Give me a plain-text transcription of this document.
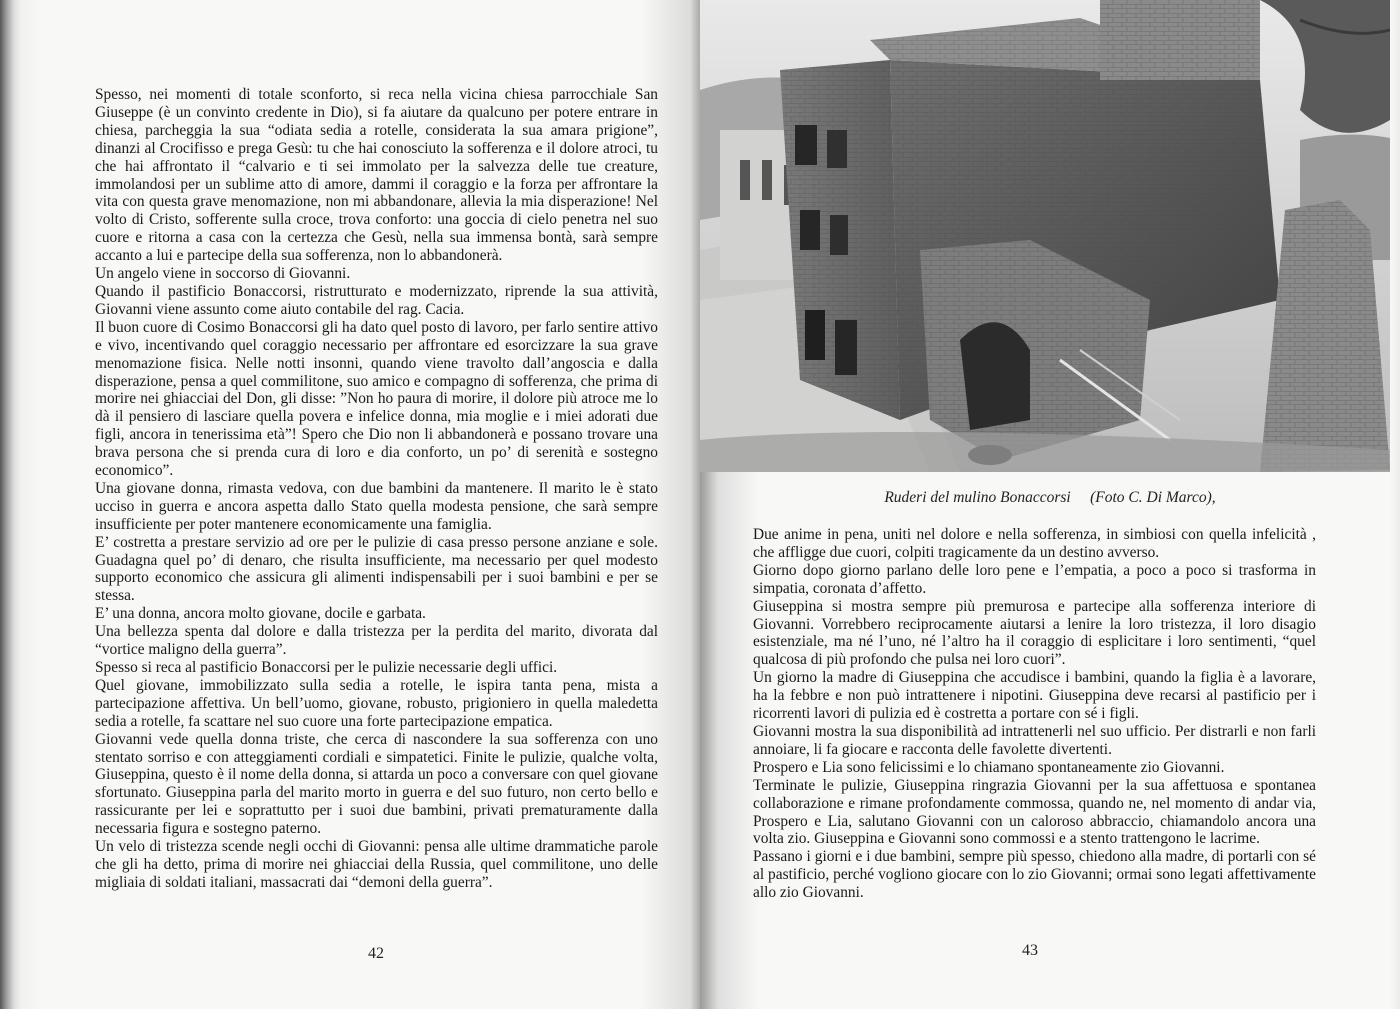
Spesso, nei momenti di totale sconforto, si reca nella vicina chiesa parrocchiale San Giuseppe (è un convinto credente in Dio), si fa aiutare da qualcuno per potere entrare in chiesa, parcheggia la sua “odiata sedia a rotelle, considerata la sua amara prigione”, dinanzi al Crocifisso e prega Gesù: tu che hai conosciuto la sofferenza e il dolore atroci, tu che hai affrontato il “calvario e ti sei immolato per la salvezza delle tue creature, immolandosi per un sublime atto di amore, dammi il coraggio e la forza per affrontare la vita con questa grave menomazione, non mi abbandonare, allevia la mia disperazione! Nel volto di Cristo, sofferente sulla croce, trova conforto: una goccia di cielo penetra nel suo cuore e ritorna a casa con la certezza che Gesù, nella sua immensa bontà, sarà sempre accanto a lui e partecipe della sua sofferenza, non lo abbandonerà.

Un angelo viene in soccorso di Giovanni.

Quando il pastificio Bonaccorsi, ristrutturato e modernizzato, riprende la sua attività, Giovanni viene assunto come aiuto contabile del rag. Cacia.

Il buon cuore di Cosimo Bonaccorsi gli ha dato quel posto di lavoro, per farlo sentire attivo e vivo, incentivando quel coraggio necessario per affrontare ed esorcizzare la sua grave menomazione fisica. Nelle notti insonni, quando viene travolto dall’angoscia e dalla disperazione, pensa a quel commilitone, suo amico e compagno di sofferenza, che prima di morire nei ghiacciai del Don, gli disse: ”Non ho paura di morire, il dolore più atroce me lo dà il pensiero di lasciare quella povera e infelice donna, mia moglie e i miei adorati due figli, ancora in tenerissima età”! Spero che Dio non li abbandonerà e possano trovare una brava persona che si prenda cura di loro e dia conforto, un po’ di serenità e sostegno economico”.

Una giovane donna, rimasta vedova, con due bambini da mantenere. Il marito le è stato ucciso in guerra e ancora aspetta dallo Stato quella modesta pensione, che sarà sempre insufficiente per poter mantenere economicamente una famiglia.

E’ costretta a prestare servizio ad ore per le pulizie di casa presso persone anziane e sole. Guadagna quel po’ di denaro, che risulta insufficiente, ma necessario per quel modesto supporto economico che assicura gli alimenti indispensabili per i suoi bambini e per se stessa.

E’ una donna, ancora molto giovane, docile e garbata.

Una bellezza spenta dal dolore e dalla tristezza per la perdita del marito, divorata dal “vortice maligno della guerra”.

Spesso si reca al pastificio Bonaccorsi per le pulizie necessarie degli uffici.

Quel giovane, immobilizzato sulla sedia a rotelle, le ispira tanta pena, mista a partecipazione affettiva. Un bell’uomo, giovane, robusto, prigioniero in quella maledetta sedia a rotelle, fa scattare nel suo cuore una forte partecipazione empatica.

Giovanni vede quella donna triste, che cerca di nascondere la sua sofferenza con uno stentato sorriso e con atteggiamenti cordiali e simpatetici. Finite le pulizie, qualche volta, Giuseppina, questo è il nome della donna, si attarda un poco a conversare con quel giovane sfortunato. Giuseppina parla del marito morto in guerra e del suo futuro, non certo bello e rassicurante per lei e soprattutto per i suoi due bambini, privati prematuramente dalla necessaria figura e sostegno paterno.

Un velo di tristezza scende negli occhi di Giovanni: pensa alle ultime drammatiche parole che gli ha detto, prima di morire nei ghiacciai della Russia, quel commilitone, uno delle migliaia di soldati italiani, massacrati dai “demoni della guerra”.

42

Due anime in pena, uniti nel dolore e nella sofferenza, in simbiosi con quella infelicità , che affligge due cuori, colpiti tragicamente da un destino avverso.

Giorno dopo giorno parlano delle loro pene e l’empatia, a poco a poco si trasforma in simpatia, coronata d’affetto.

Giuseppina si mostra sempre più premurosa e partecipe alla sofferenza interiore di Giovanni. Vorrebbero reciprocamente aiutarsi a lenire la loro tristezza, il loro disagio esistenziale, ma né l’uno, né l’altro ha il coraggio di esplicitare i loro sentimenti, “quel qualcosa di più profondo che pulsa nei loro cuori”.

Un giorno la madre di Giuseppina che accudisce i bambini, quando la figlia è a lavorare, ha la febbre e non può intrattenere i nipotini. Giuseppina deve recarsi al pastificio per i ricorrenti lavori di pulizia ed è costretta a portare con sé i figli.

Giovanni mostra la sua disponibilità ad intrattenerli nel suo ufficio. Per distrarli e non farli annoiare, li fa giocare e racconta delle favolette divertenti.

Prospero e Lia sono felicissimi e lo chiamano spontaneamente zio Giovanni.

Terminate le pulizie, Giuseppina ringrazia Giovanni per la sua affettuosa e spontanea collaborazione e rimane profondamente commossa, quando ne, nel momento di andar via, Prospero e Lia, salutano Giovanni con un caloroso abbraccio, chiamandolo ancora una volta zio. Giuseppina e Giovanni sono commossi e a stento trattengono le lacrime.

Passano i giorni e i due bambini, sempre più spesso, chiedono alla madre, di portarli con sé al pastificio, perché vogliono giocare con lo zio Giovanni; ormai sono legati affettivamente allo zio Giovanni.

43
Ruderi del mulino Bonaccorsi (Foto C. Di Marco),
